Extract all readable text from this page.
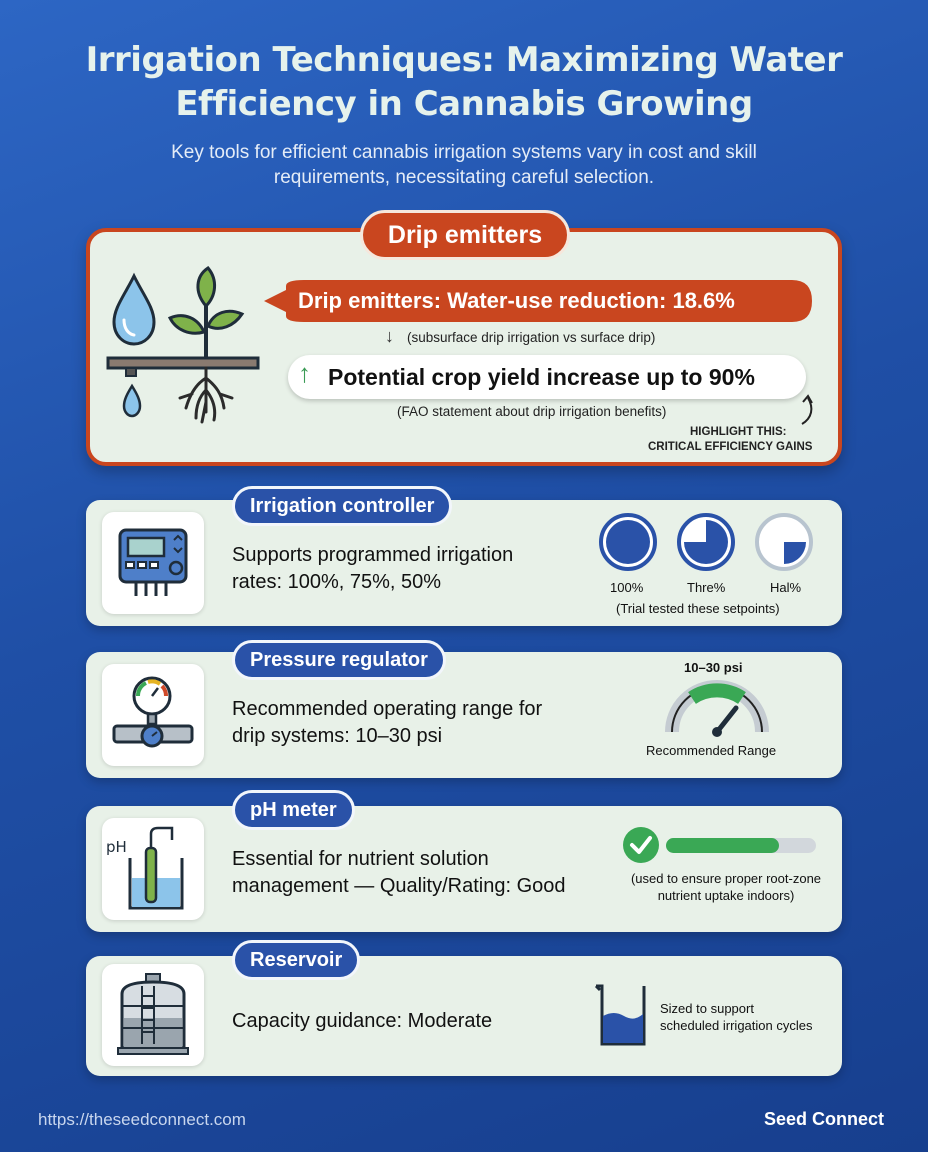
Irrigation Techniques: Maximizing Water
Efficiency in Cannabis Growing
Key tools for efficient cannabis irrigation systems vary in cost and skill
requirements, necessitating careful selection.
Drip emitters
Drip emitters: Water-use reduction: 18.6%
↓ (subsurface drip irrigation vs surface drip)
↑ Potential crop yield increase up to 90%
(FAO statement about drip irrigation benefits)
HIGHLIGHT THIS:
CRITICAL EFFICIENCY GAINS
Supports programmed irrigation
rates: 100%, 75%, 50%	100%	Thre%	Hal%
(Trial tested these setpoints)
Irrigation controller
Recommended operating range for
drip systems: 10–30 psi
10–30 psi
Recommended Range
Pressure regulator
pH
Essential for nutrient solution
management — Quality/Rating: Good	(used to ensure proper root-zone
nutrient uptake indoors)
pH meter
Capacity guidance: Moderate
Sized to support
scheduled irrigation cycles
Reservoir
https://theseedconnect.com	Seed Connect
